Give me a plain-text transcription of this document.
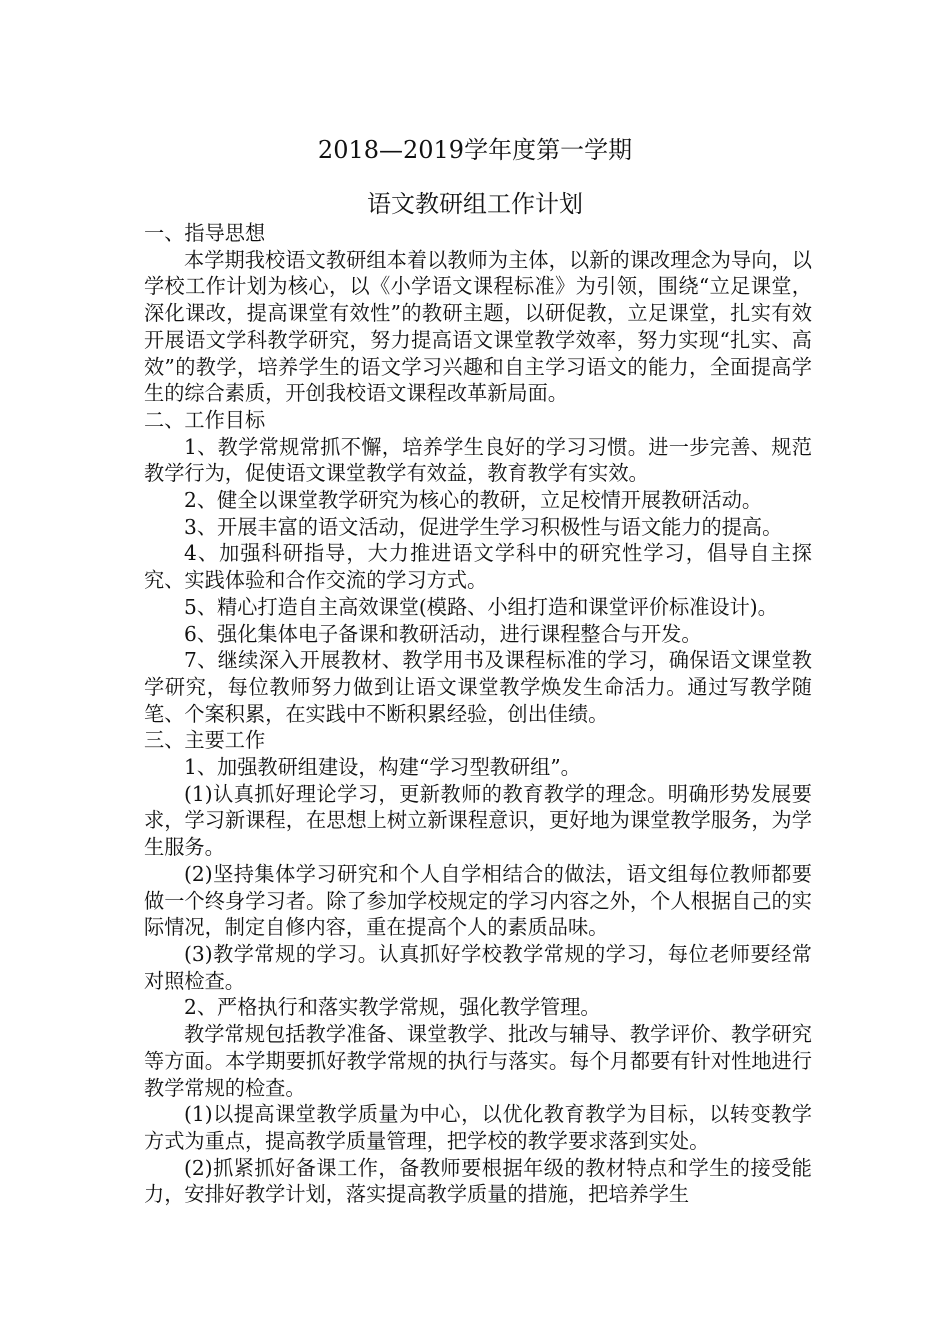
2018—2019学年度第一学期
语文教研组工作计划

一、指导思想

本学期我校语文教研组本着以教师为主体，以新的课改理念为导向，以学校工作计划为核心，以《小学语文课程标准》为引领，围绕“立足课堂，深化课改，提高课堂有效性”的教研主题，以研促教，立足课堂，扎实有效开展语文学科教学研究，努力提高语文课堂教学效率，努力实现“扎实、高效”的教学，培养学生的语文学习兴趣和自主学习语文的能力，全面提高学生的综合素质，开创我校语文课程改革新局面。

二、工作目标

1、教学常规常抓不懈，培养学生良好的学习习惯。进一步完善、规范教学行为，促使语文课堂教学有效益，教育教学有实效。

2、健全以课堂教学研究为核心的教研，立足校情开展教研活动。

3、开展丰富的语文活动，促进学生学习积极性与语文能力的提高。

4、加强科研指导，大力推进语文学科中的研究性学习，倡导自主探究、实践体验和合作交流的学习方式。

5、精心打造自主高效课堂(模路、小组打造和课堂评价标准设计)。

6、强化集体电子备课和教研活动，进行课程整合与开发。

7、继续深入开展教材、教学用书及课程标准的学习，确保语文课堂教学研究，每位教师努力做到让语文课堂教学焕发生命活力。通过写教学随笔、个案积累，在实践中不断积累经验，创出佳绩。

三、主要工作

1、加强教研组建设，构建“学习型教研组”。

(1)认真抓好理论学习，更新教师的教育教学的理念。明确形势发展要求，学习新课程，在思想上树立新课程意识，更好地为课堂教学服务，为学生服务。

(2)坚持集体学习研究和个人自学相结合的做法，语文组每位教师都要做一个终身学习者。除了参加学校规定的学习内容之外，个人根据自己的实际情况，制定自修内容，重在提高个人的素质品味。

(3)教学常规的学习。认真抓好学校教学常规的学习，每位老师要经常对照检查。

2、严格执行和落实教学常规，强化教学管理。

教学常规包括教学准备、课堂教学、批改与辅导、教学评价、教学研究等方面。本学期要抓好教学常规的执行与落实。每个月都要有针对性地进行教学常规的检查。

(1)以提高课堂教学质量为中心，以优化教育教学为目标，以转变教学方式为重点，提高教学质量管理，把学校的教学要求落到实处。

(2)抓紧抓好备课工作，备教师要根据年级的教材特点和学生的接受能力，安排好教学计划，落实提高教学质量的措施，把培养学生
